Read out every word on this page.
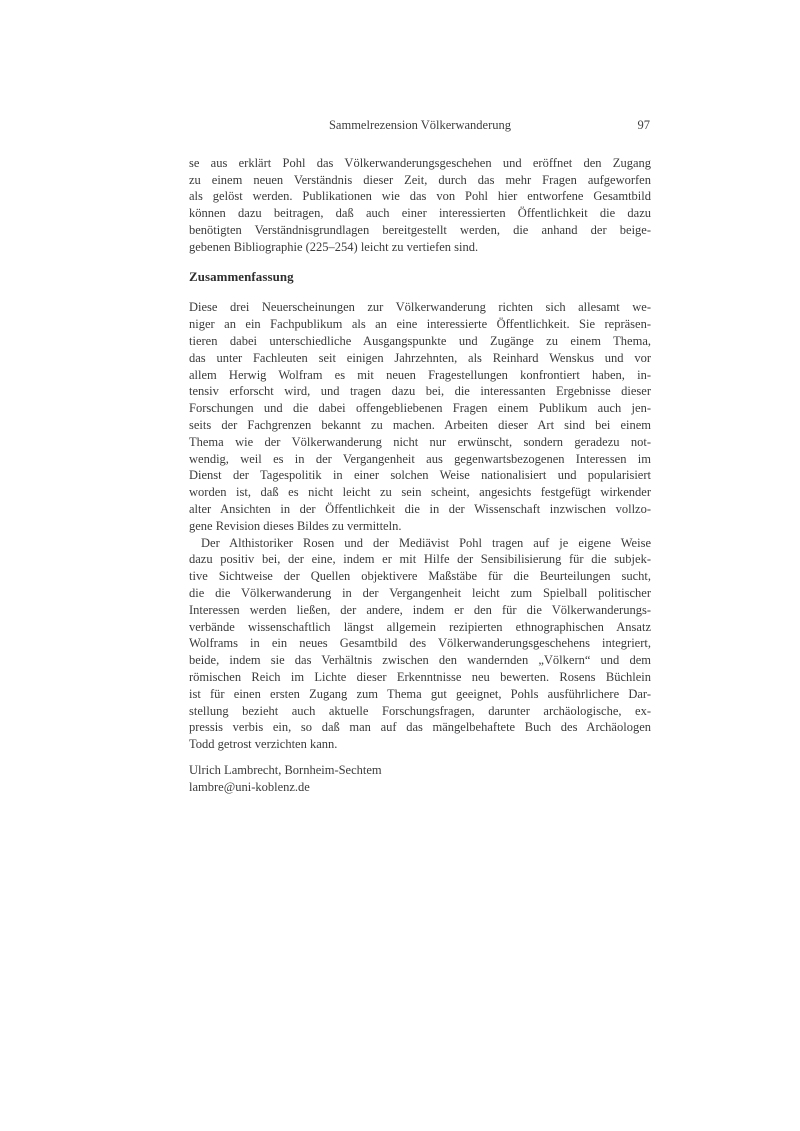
Sammelrezension Völkerwanderung	97
se aus erklärt Pohl das Völkerwanderungsgeschehen und eröffnet den Zugang
zu einem neuen Verständnis dieser Zeit, durch das mehr Fragen aufgeworfen
als gelöst werden. Publikationen wie das von Pohl hier entworfene Gesamtbild
können dazu beitragen, daß auch einer interessierten Öffentlichkeit die dazu
benötigten Verständnisgrundlagen bereitgestellt werden, die anhand der beige-
gebenen Bibliographie (225–254) leicht zu vertiefen sind.
Zusammenfassung
Diese drei Neuerscheinungen zur Völkerwanderung richten sich allesamt we-
niger an ein Fachpublikum als an eine interessierte Öffentlichkeit. Sie repräsen-
tieren dabei unterschiedliche Ausgangspunkte und Zugänge zu einem Thema,
das unter Fachleuten seit einigen Jahrzehnten, als Reinhard Wenskus und vor
allem Herwig Wolfram es mit neuen Fragestellungen konfrontiert haben, in-
tensiv erforscht wird, und tragen dazu bei, die interessanten Ergebnisse dieser
Forschungen und die dabei offengebliebenen Fragen einem Publikum auch jen-
seits der Fachgrenzen bekannt zu machen. Arbeiten dieser Art sind bei einem
Thema wie der Völkerwanderung nicht nur erwünscht, sondern geradezu not-
wendig, weil es in der Vergangenheit aus gegenwartsbezogenen Interessen im
Dienst der Tagespolitik in einer solchen Weise nationalisiert und popularisiert
worden ist, daß es nicht leicht zu sein scheint, angesichts festgefügt wirkender
alter Ansichten in der Öffentlichkeit die in der Wissenschaft inzwischen vollzo-
gene Revision dieses Bildes zu vermitteln.
Der Althistoriker Rosen und der Mediävist Pohl tragen auf je eigene Weise
dazu positiv bei, der eine, indem er mit Hilfe der Sensibilisierung für die subjek-
tive Sichtweise der Quellen objektivere Maßstäbe für die Beurteilungen sucht,
die die Völkerwanderung in der Vergangenheit leicht zum Spielball politischer
Interessen werden ließen, der andere, indem er den für die Völkerwanderungs-
verbände wissenschaftlich längst allgemein rezipierten ethnographischen Ansatz
Wolframs in ein neues Gesamtbild des Völkerwanderungsgeschehens integriert,
beide, indem sie das Verhältnis zwischen den wandernden „Völkern“ und dem
römischen Reich im Lichte dieser Erkenntnisse neu bewerten. Rosens Büchlein
ist für einen ersten Zugang zum Thema gut geeignet, Pohls ausführlichere Dar-
stellung bezieht auch aktuelle Forschungsfragen, darunter archäologische, ex-
pressis verbis ein, so daß man auf das mängelbehaftete Buch des Archäologen
Todd getrost verzichten kann.
Ulrich Lambrecht, Bornheim-Sechtem
lambre@uni-koblenz.de
